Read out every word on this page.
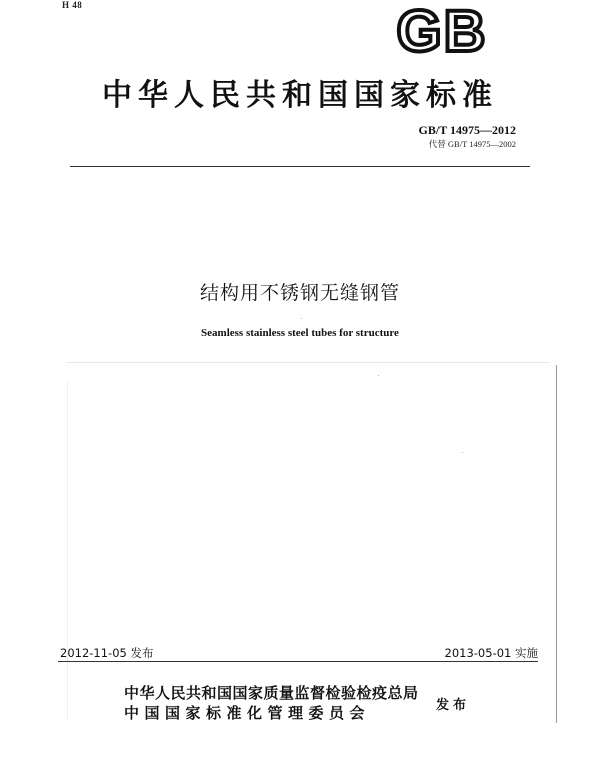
H 48	GB
中华人民共和国国家标准
GB/T 14975—2012
代替 GB/T 14975—2002
结构用不锈钢无缝钢管
Seamless stainless steel tubes for structure
2012-11-05 发布	2013-05-01 实施
中华人民共和国国家质量监督检验检疫总局
中国国家标准化管理委员会	发布
